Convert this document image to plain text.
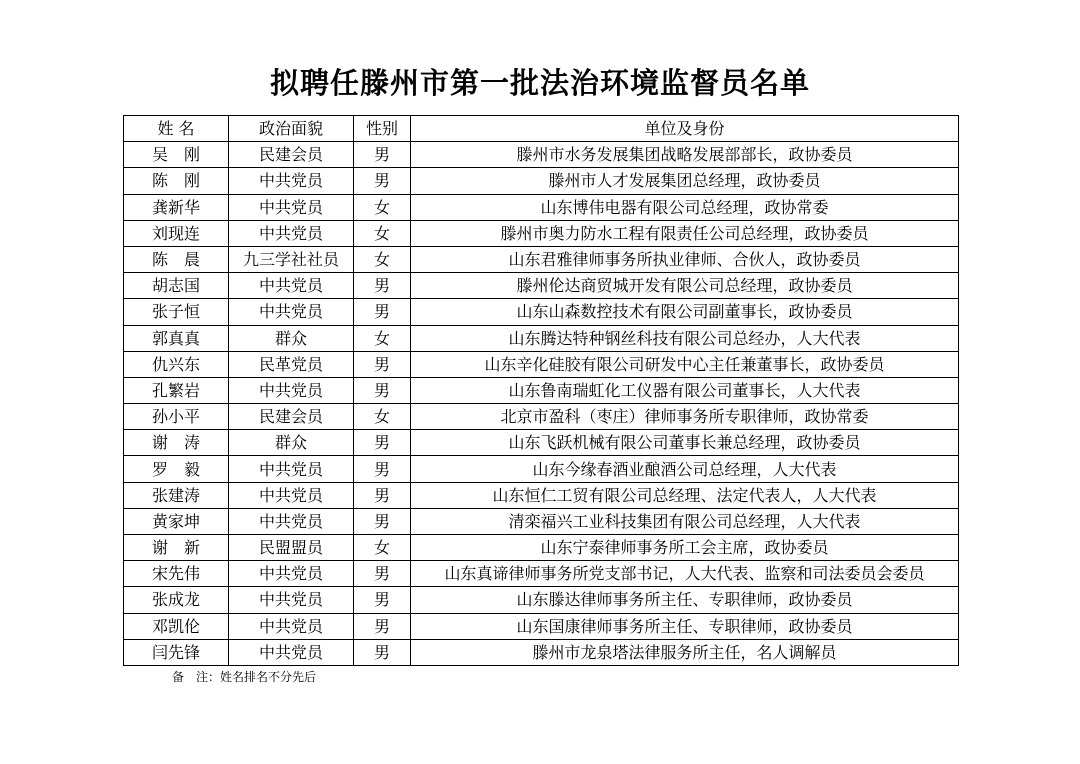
拟聘任滕州市第一批法治环境监督员名单
姓 名	政治面貌	性别	单位及身份
吴　刚	民建会员	男	滕州市水务发展集团战略发展部部长，政协委员
陈　刚	中共党员	男	滕州市人才发展集团总经理，政协委员
龚新华	中共党员	女	山东博伟电器有限公司总经理，政协常委
刘现连	中共党员	女	滕州市奥力防水工程有限责任公司总经理，政协委员
陈　晨	九三学社社员	女	山东君雅律师事务所执业律师、合伙人，政协委员
胡志国	中共党员	男	滕州伦达商贸城开发有限公司总经理，政协委员
张子恒	中共党员	男	山东山森数控技术有限公司副董事长，政协委员
郭真真	群众	女	山东腾达特种钢丝科技有限公司总经办，人大代表
仇兴东	民革党员	男	山东辛化硅胶有限公司研发中心主任兼董事长，政协委员
孔繁岩	中共党员	男	山东鲁南瑞虹化工仪器有限公司董事长，人大代表
孙小平	民建会员	女	北京市盈科（枣庄）律师事务所专职律师，政协常委
谢　涛	群众	男	山东飞跃机械有限公司董事长兼总经理，政协委员
罗　毅	中共党员	男	山东今缘春酒业酿酒公司总经理，人大代表
张建涛	中共党员	男	山东恒仁工贸有限公司总经理、法定代表人，人大代表
黄家坤	中共党员	男	清栾福兴工业科技集团有限公司总经理，人大代表
谢　新	民盟盟员	女	山东宁泰律师事务所工会主席，政协委员
宋先伟	中共党员	男	山东真谛律师事务所党支部书记，人大代表、监察和司法委员会委员
张成龙	中共党员	男	山东滕达律师事务所主任、专职律师，政协委员
邓凯伦	中共党员	男	山东国康律师事务所主任、专职律师，政协委员
闫先锋	中共党员	男	滕州市龙泉塔法律服务所主任，名人调解员
备　注：姓名排名不分先后
